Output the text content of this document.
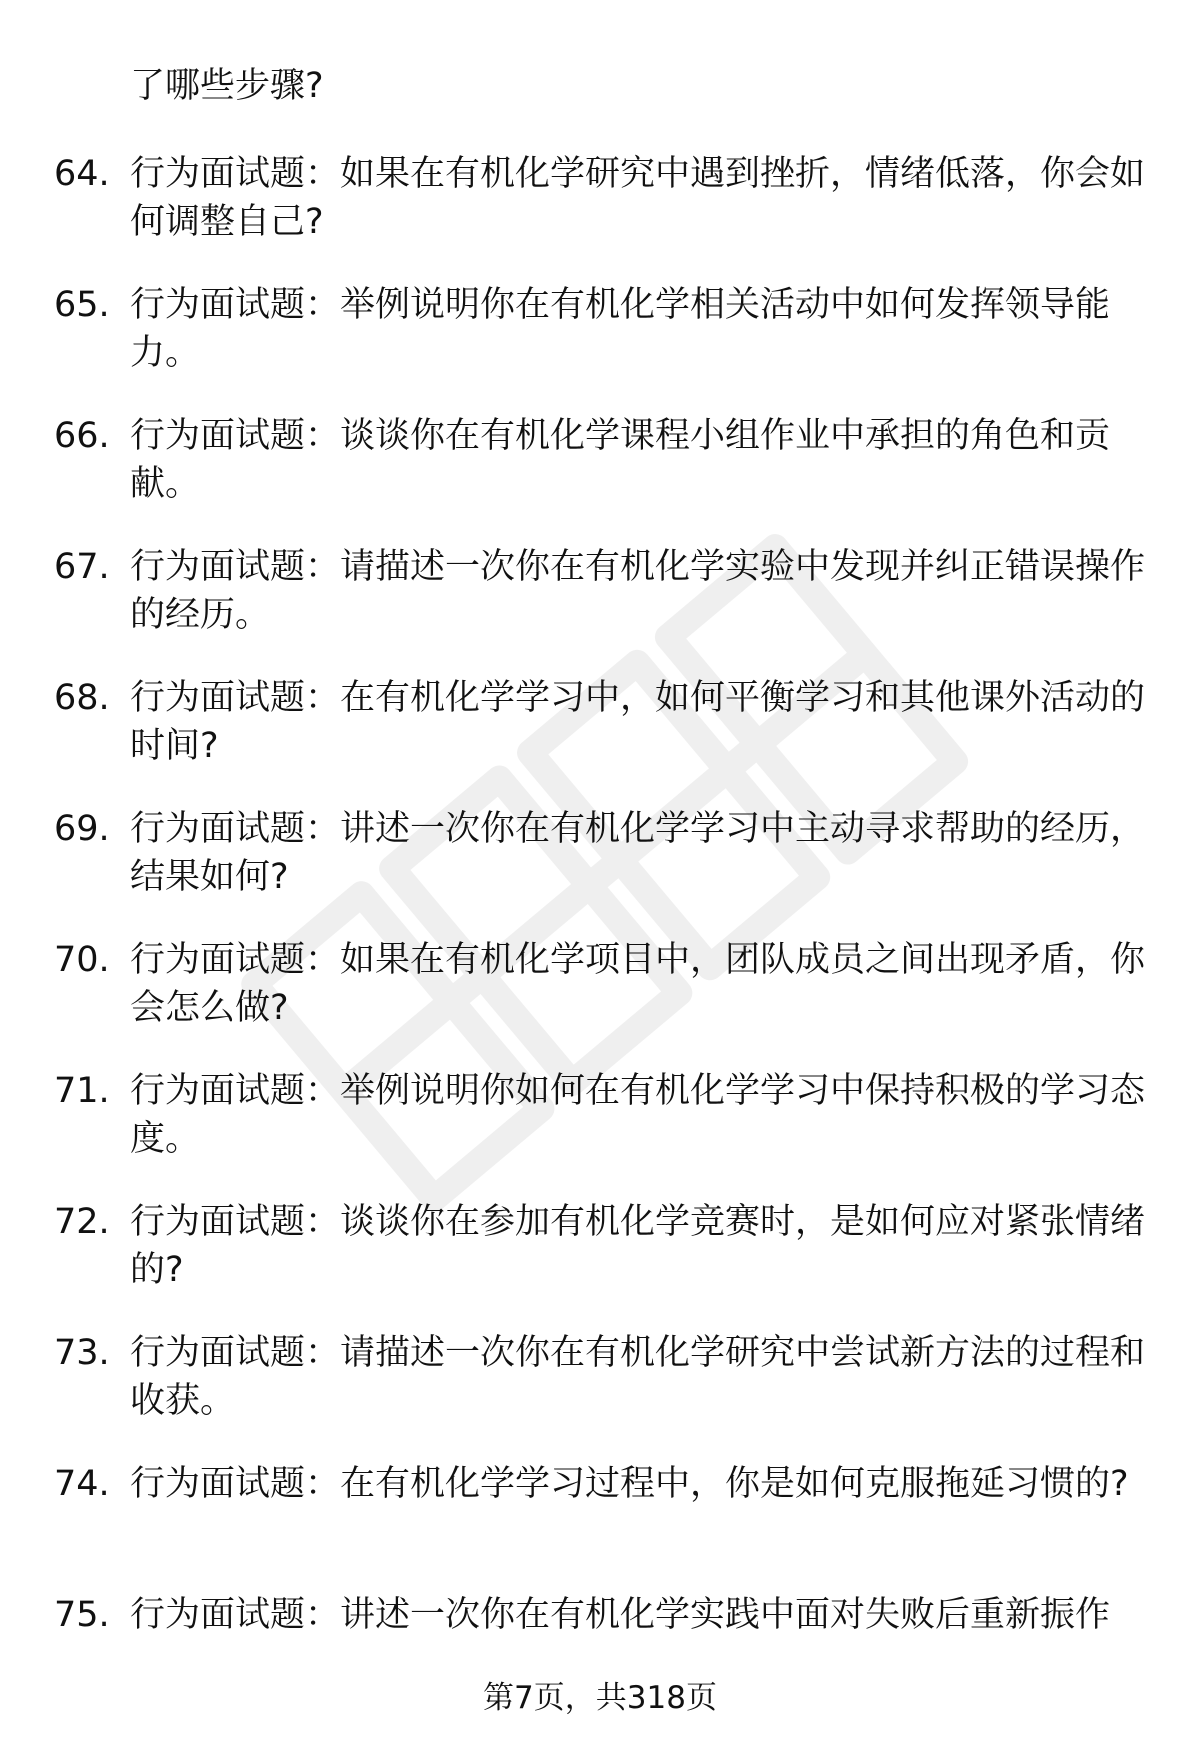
了哪些步骤?

64. 行为面试题：如果在有机化学研究中遇到挫折，情绪低落，你会如何调整自己?
65. 行为面试题：举例说明你在有机化学相关活动中如何发挥领导能力。
66. 行为面试题：谈谈你在有机化学课程小组作业中承担的角色和贡献。
67. 行为面试题：请描述一次你在有机化学实验中发现并纠正错误操作的经历。
68. 行为面试题：在有机化学学习中，如何平衡学习和其他课外活动的时间?
69. 行为面试题：讲述一次你在有机化学学习中主动寻求帮助的经历，结果如何?
70. 行为面试题：如果在有机化学项目中，团队成员之间出现矛盾，你会怎么做?
71. 行为面试题：举例说明你如何在有机化学学习中保持积极的学习态度。
72. 行为面试题：谈谈你在参加有机化学竞赛时，是如何应对紧张情绪的?
73. 行为面试题：请描述一次你在有机化学研究中尝试新方法的过程和收获。
74. 行为面试题：在有机化学学习过程中，你是如何克服拖延习惯的?
75. 行为面试题：讲述一次你在有机化学实践中面对失败后重新振作
第7页，共318页
